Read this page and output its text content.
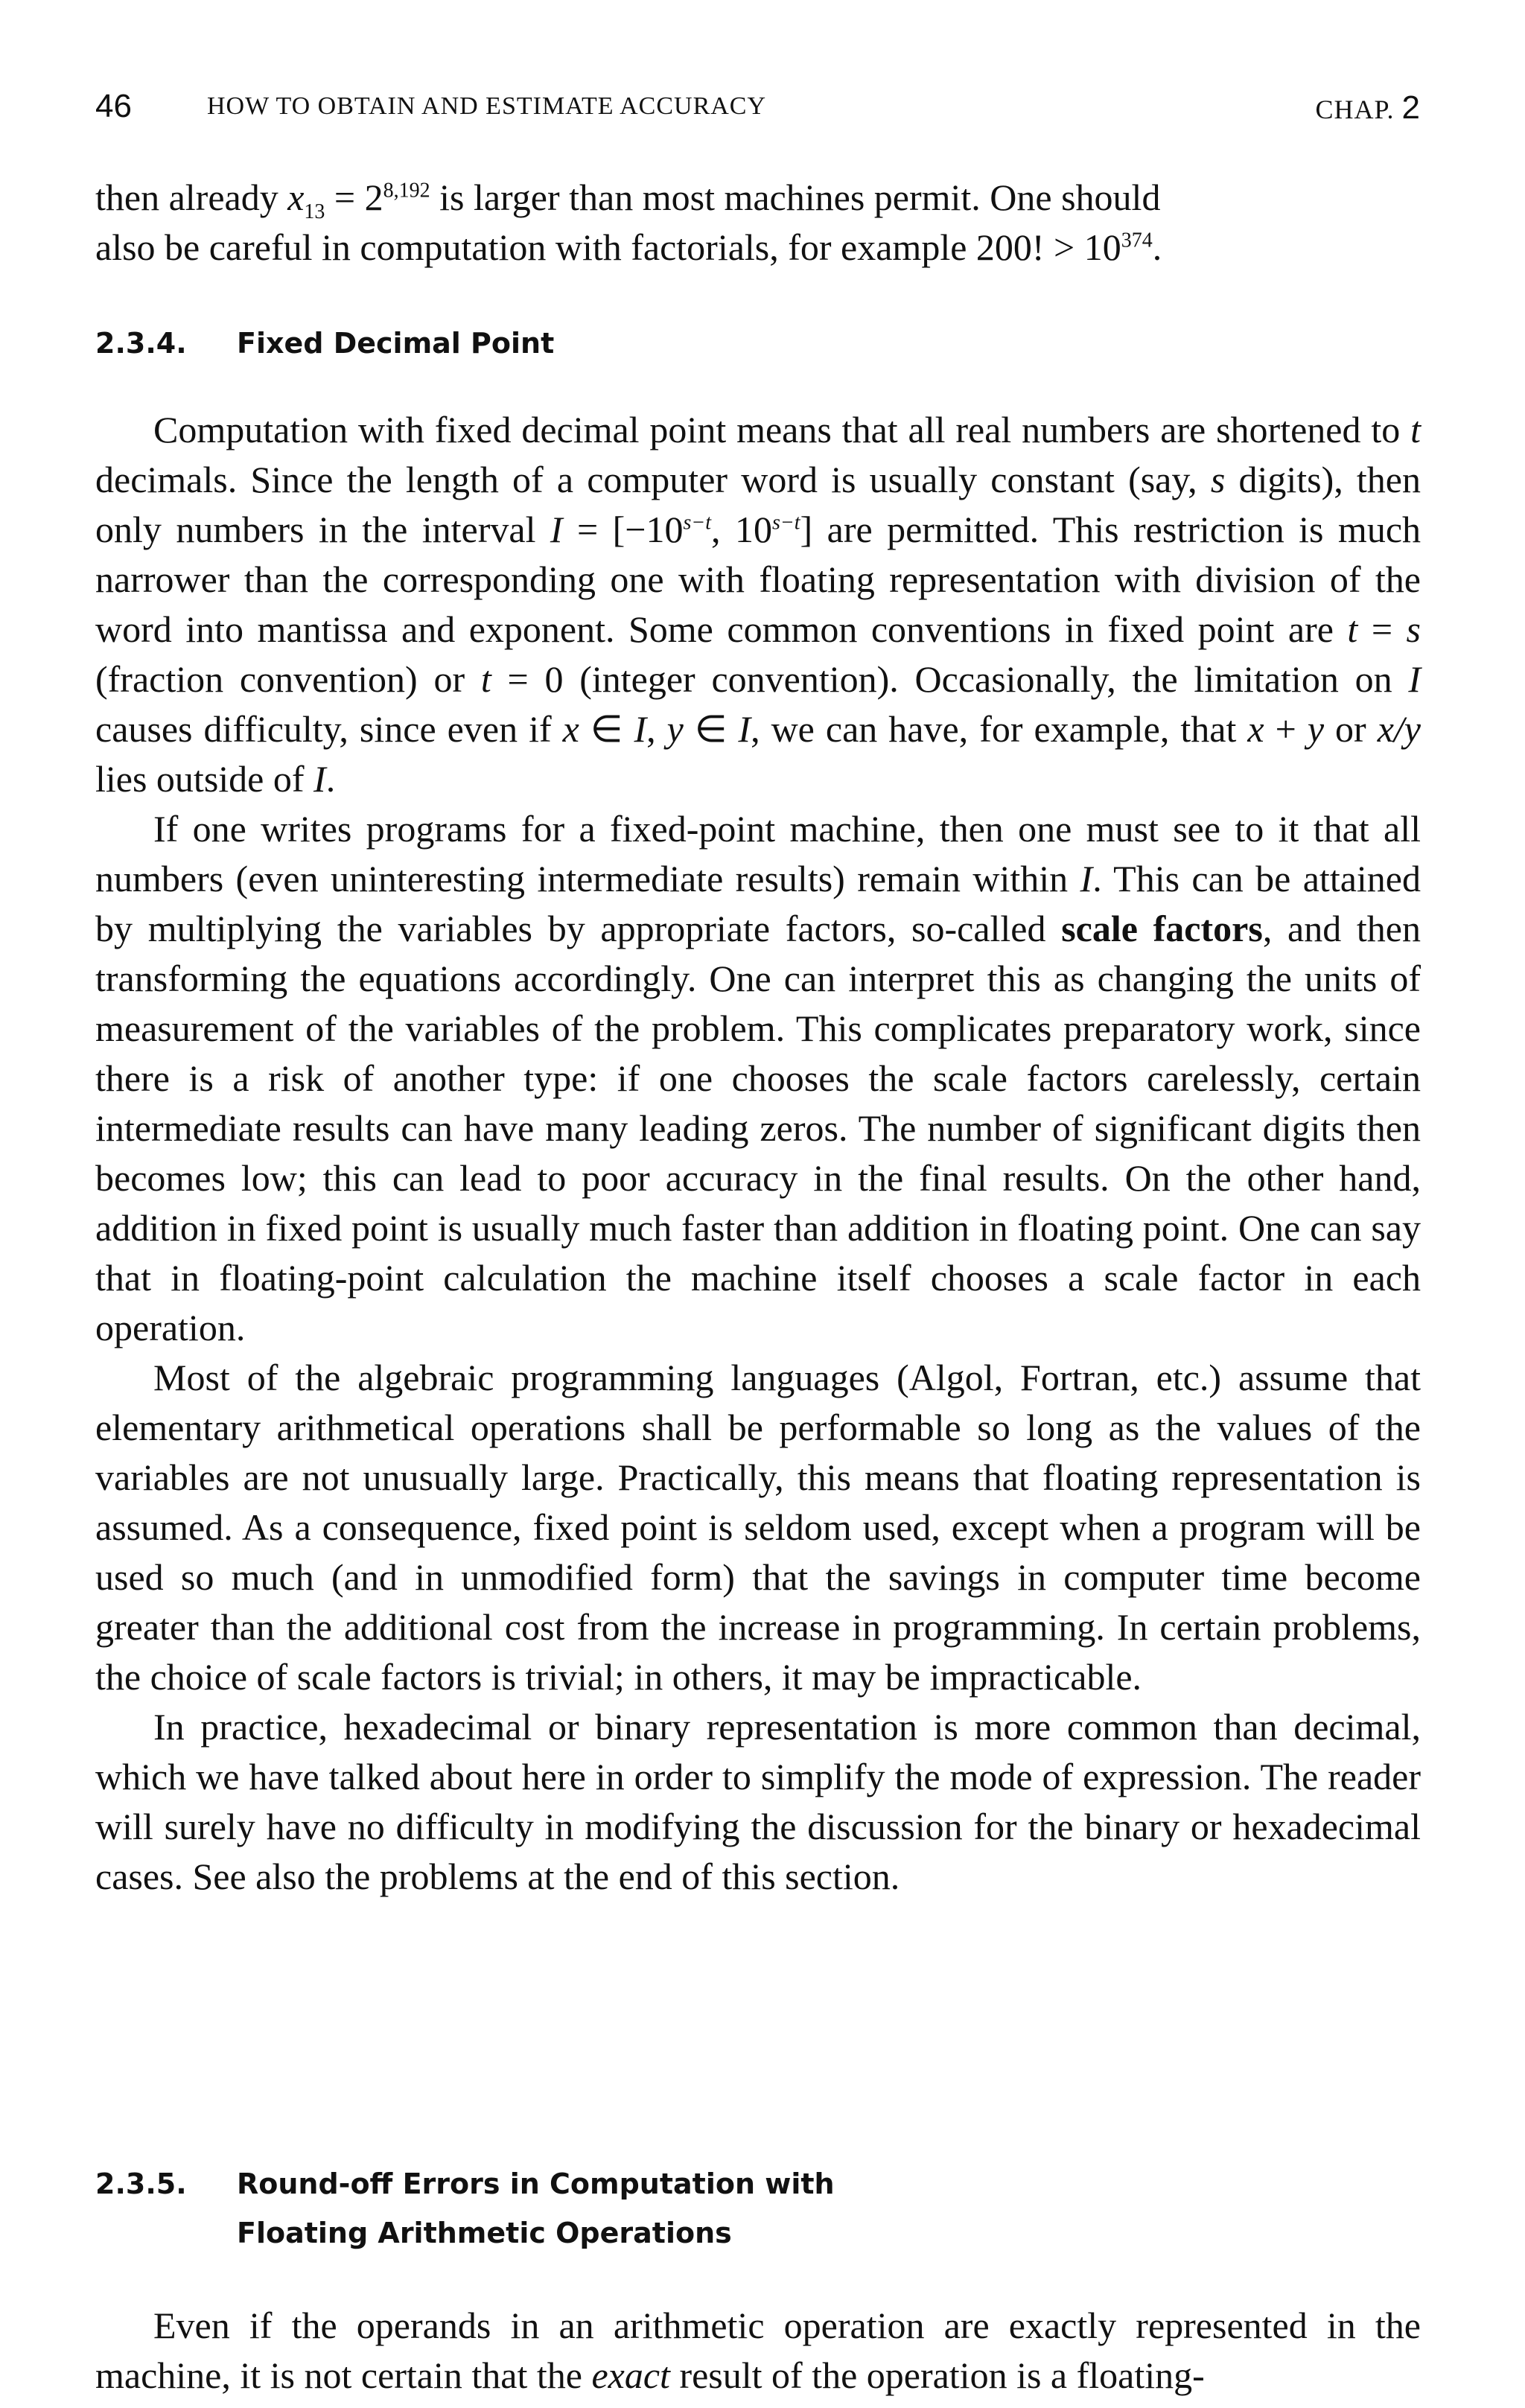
46	HOW TO OBTAIN AND ESTIMATE ACCURACY	CHAP. 2

then already $x_{13} = 2^{8,192}$ is larger than most machines permit. One should

also be careful in computation with factorials, for example 200! > $10^{374}$.

2.3.4. Fixed Decimal Point

Computation with fixed decimal point means that all real numbers are shortened to t decimals. Since the length of a computer word is usually constant (say, s digits), then only numbers in the interval $I = [-10^{s-t}$, $10^{s-t}$] are permitted. This restriction is much narrower than the corresponding one with floating representation with division of the word into mantissa and exponent. Some common conventions in fixed point are t = s (fraction convention) or t = 0 (integer convention). Occasionally, the limitation on I causes difficulty, since even if x ∈ I, y ∈ I, we can have, for example, that x + y or x/y lies outside of I.

If one writes programs for a fixed-point machine, then one must see to it that all numbers (even uninteresting intermediate results) remain within I. This can be attained by multiplying the variables by appropriate factors, so-called scale factors, and then transforming the equations accordingly. One can interpret this as changing the units of measurement of the variables of the problem. This complicates preparatory work, since there is a risk of another type: if one chooses the scale factors carelessly, certain intermediate results can have many leading zeros. The number of significant digits then becomes low; this can lead to poor accuracy in the final results. On the other hand, addition in fixed point is usually much faster than addition in floating point. One can say that in floating-point calculation the machine itself chooses a scale factor in each operation.

Most of the algebraic programming languages (Algol, Fortran, etc.) assume that elementary arithmetical operations shall be performable so long as the values of the variables are not unusually large. Practically, this means that floating representation is assumed. As a consequence, fixed point is seldom used, except when a program will be used so much (and in unmodified form) that the savings in computer time become greater than the additional cost from the increase in programming. In certain problems, the choice of scale factors is trivial; in others, it may be impracticable.

In practice, hexadecimal or binary representation is more common than decimal, which we have talked about here in order to simplify the mode of expression. The reader will surely have no difficulty in modifying the discussion for the binary or hexadecimal cases. See also the problems at the end of this section.

2.3.5. Round-off Errors in Computation with
Floating Arithmetic Operations

Even if the operands in an arithmetic operation are exactly represented in the machine, it is not certain that the exact result of the operation is a floating-
